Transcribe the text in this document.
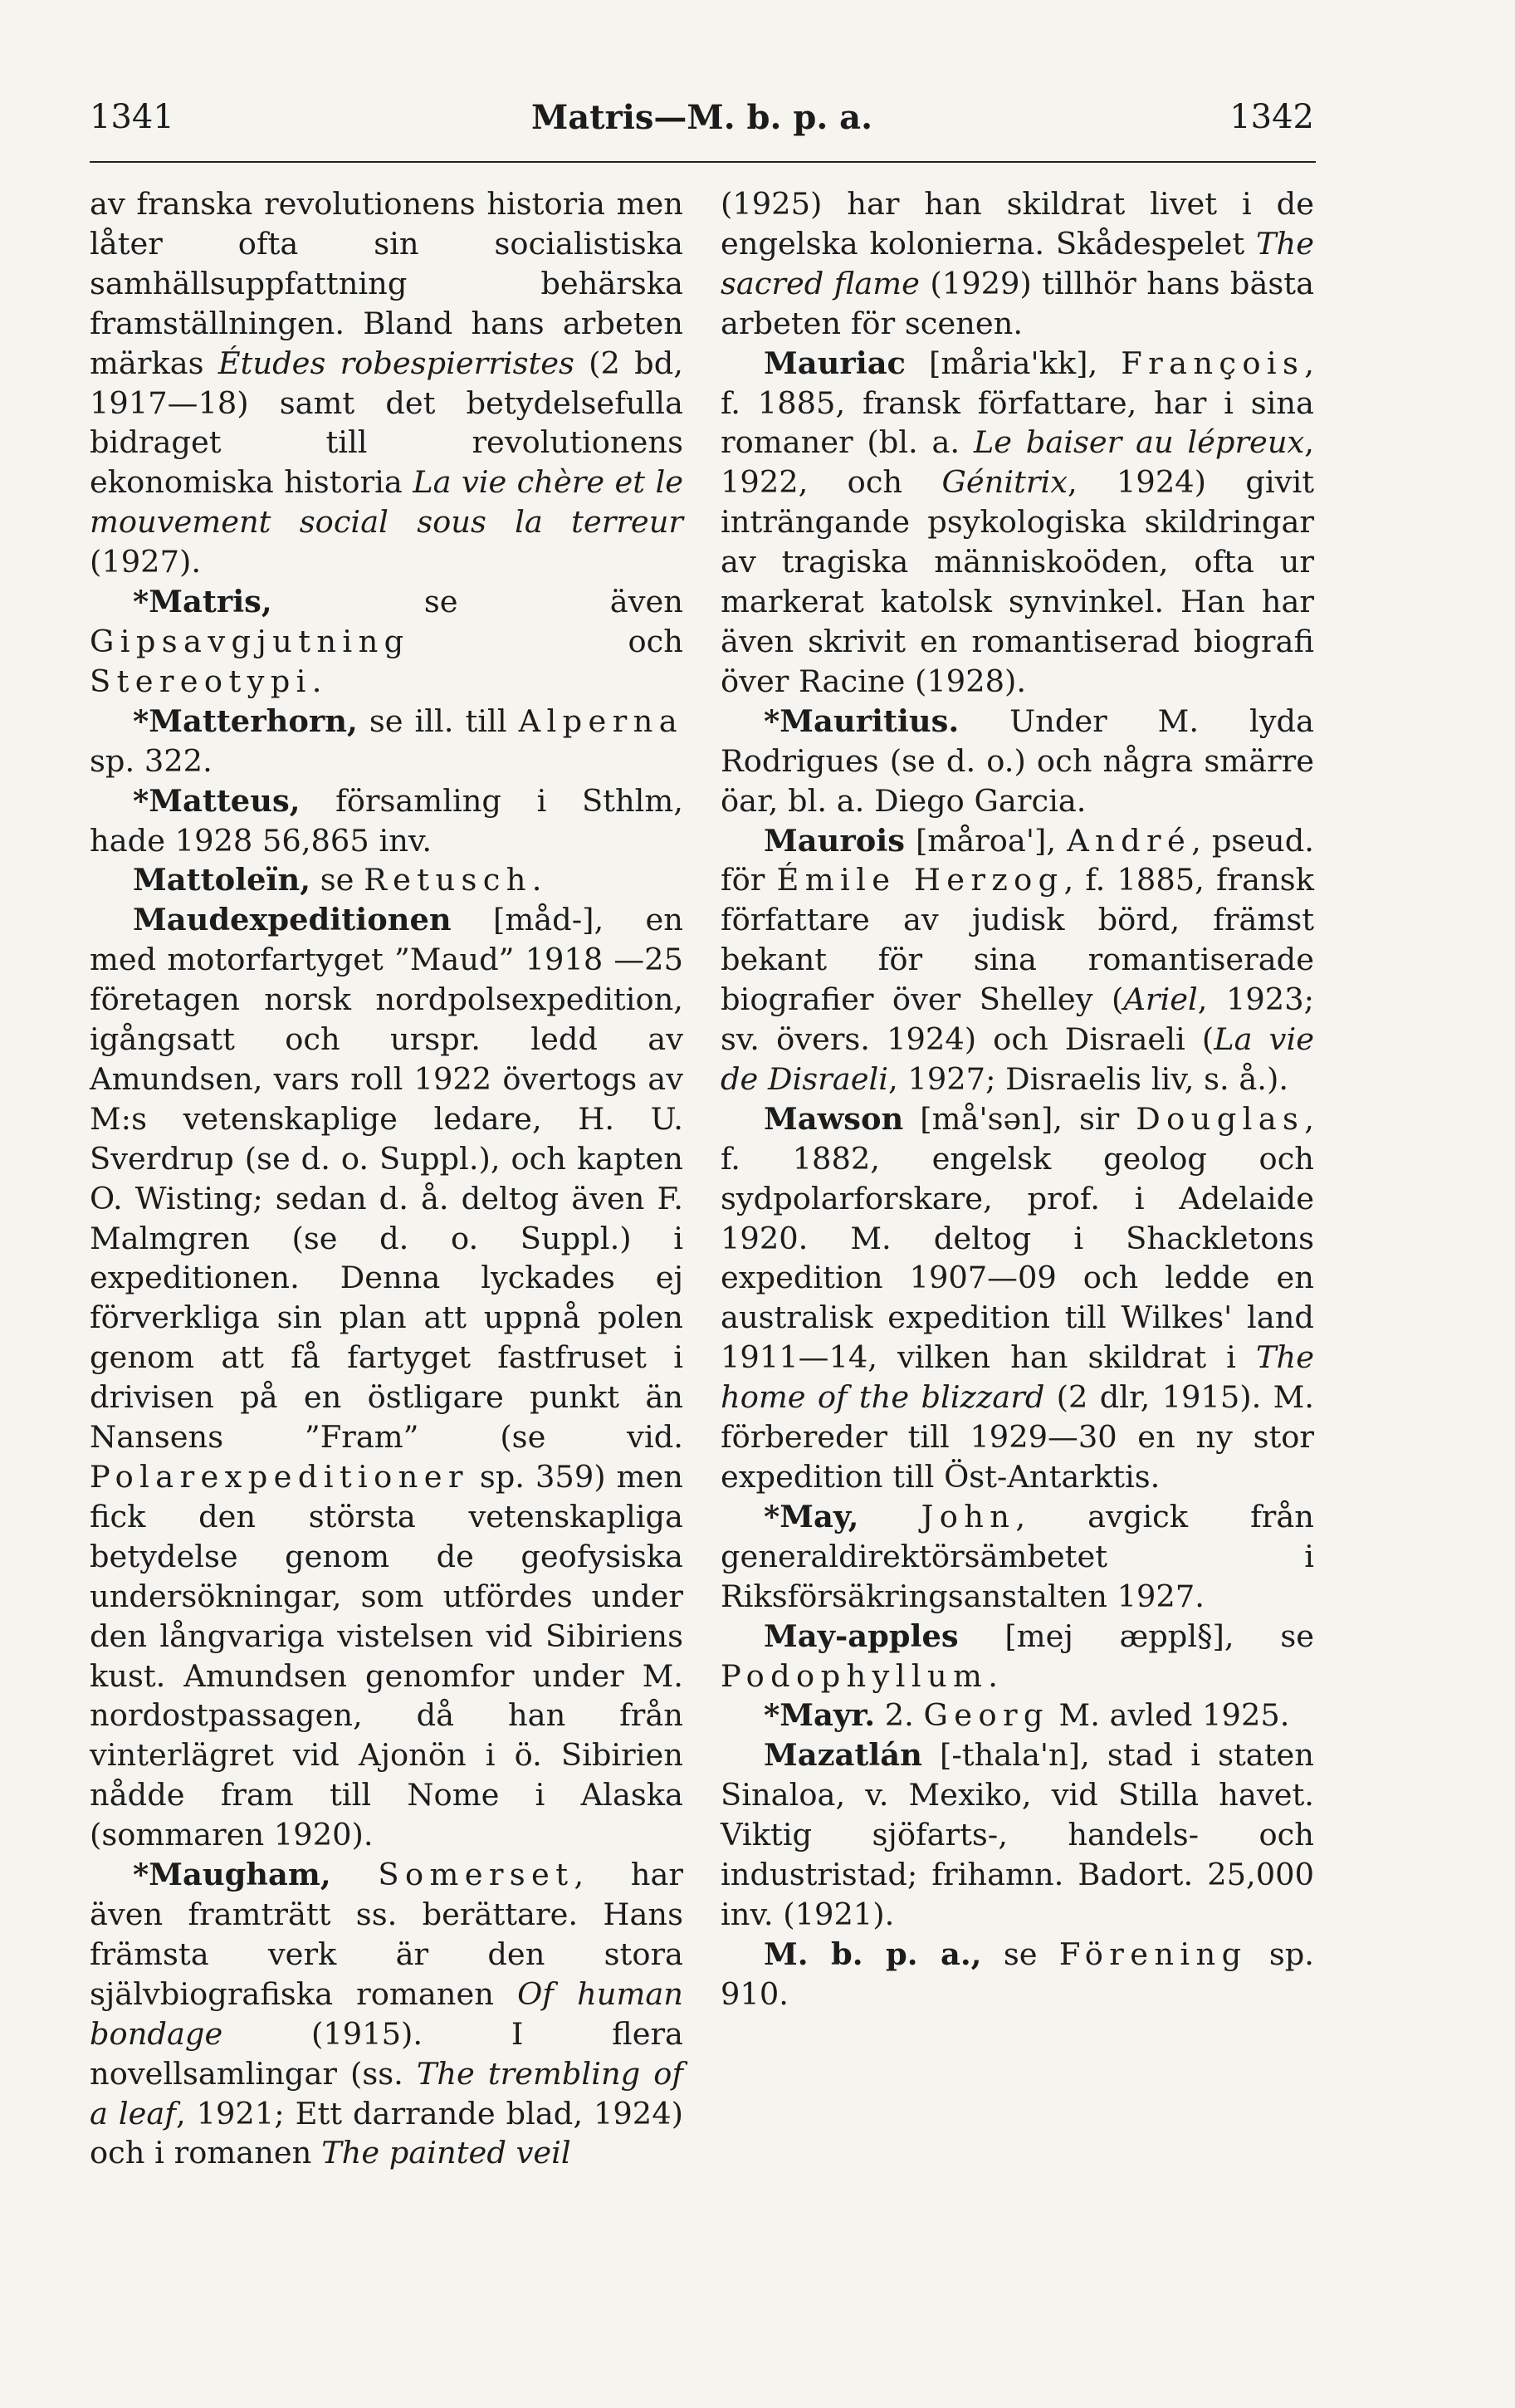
1341	Matris—M. b. p. a.	1342

av franska revolutionens historia men låter ofta sin socialistiska samhällsuppfattning behärska framställningen. Bland hans arbeten märkas Études robespierristes (2 bd, 1917—18) samt det betydelsefulla bidraget till revolutionens ekonomiska historia La vie chère et le mouvement social sous la terreur (1927).

*Matris, se även Gipsavgjutning och Stereotypi.

*Matterhorn, se ill. till Alperna sp. 322.

*Matteus, församling i Sthlm, hade 1928 56,865 inv.

Mattoleïn, se Retusch.

Maudexpeditionen [måd-], en med motorfartyget ”Maud” 1918 —25 företagen norsk nordpolsexpedition, igångsatt och urspr. ledd av Amundsen, vars roll 1922 övertogs av M:s vetenskaplige ledare, H. U. Sverdrup (se d. o. Suppl.), och kapten O. Wisting; sedan d. å. deltog även F. Malmgren (se d. o. Suppl.) i expeditionen. Denna lyckades ej förverkliga sin plan att uppnå polen genom att få fartyget fastfruset i drivisen på en östligare punkt än Nansens ”Fram” (se vid. Polarexpeditioner sp. 359) men fick den största vetenskapliga betydelse genom de geofysiska undersökningar, som utfördes under den långvariga vistelsen vid Sibiriens kust. Amundsen genomfor under M. nordostpassagen, då han från vinterlägret vid Ajonön i ö. Sibirien nådde fram till Nome i Alaska (sommaren 1920).

*Maugham, Somerset, har även framträtt ss. berättare. Hans främsta verk är den stora självbiografiska romanen Of human bondage (1915). I flera novellsamlingar (ss. The trembling of a leaf, 1921; Ett darrande blad, 1924) och i romanen The painted veil

(1925) har han skildrat livet i de engelska kolonierna. Skådespelet The sacred flame (1929) tillhör hans bästa arbeten för scenen.

Mauriac [måria'kk], François, f. 1885, fransk författare, har i sina romaner (bl. a. Le baiser au lépreux, 1922, och Génitrix, 1924) givit inträngande psykologiska skildringar av tragiska människoöden, ofta ur markerat katolsk synvinkel. Han har även skrivit en romantiserad biografi över Racine (1928).

*Mauritius. Under M. lyda Rodrigues (se d. o.) och några smärre öar, bl. a. Diego Garcia.

Maurois [måroa'], André, pseud. för Émile Herzog, f. 1885, fransk författare av judisk börd, främst bekant för sina romantiserade biografier över Shelley (Ariel, 1923; sv. övers. 1924) och Disraeli (La vie de Disraeli, 1927; Disraelis liv, s. å.).

Mawson [må'sən], sir Douglas, f. 1882, engelsk geolog och sydpolarforskare, prof. i Adelaide 1920. M. deltog i Shackletons expedition 1907—09 och ledde en australisk expedition till Wilkes' land 1911—14, vilken han skildrat i The home of the blizzard (2 dlr, 1915). M. förbereder till 1929—30 en ny stor expedition till Öst-Antarktis.

*May, John, avgick från generaldirektörsämbetet i Riksförsäkringsanstalten 1927.

May-apples [mej æppl§], se Podophyllum.

*Mayr. 2. Georg M. avled 1925.

Mazatlán [-thala'n], stad i staten Sinaloa, v. Mexiko, vid Stilla havet. Viktig sjöfarts-, handels- och industristad; frihamn. Badort. 25,000 inv. (1921).

M. b. p. a., se Förening sp. 910.
